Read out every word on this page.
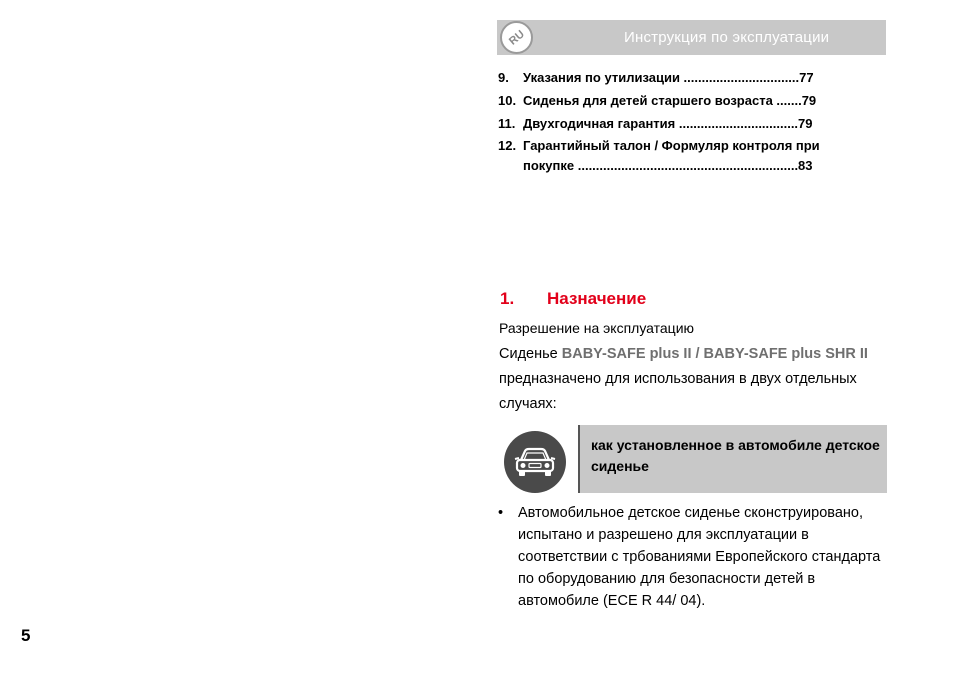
RU	Инструкция по эксплуатации
9.	Указания по утилизации ................................77
10. Сиденья для детей старшего возраста .......79
11. Двухгодичная гарантия .................................79
12. Гарантийный талон / Формуляр контроля при
покупке .............................................................83
1.	Назначение
Разрешение на эксплуатацию
Сиденье BABY-SAFE plus II / BABY-SAFE plus SHR II предназначено для использования в двух отдельных случаях:
как установленное в автомобиле детское сиденье
•	Автомобильное детское сиденье сконструировано, испытано и разрешено для эксплуатации в соответствии с трбованиями Европейского стандарта по оборудованию для безопасности детей в автомобиле (ECE R 44/ 04).
5
